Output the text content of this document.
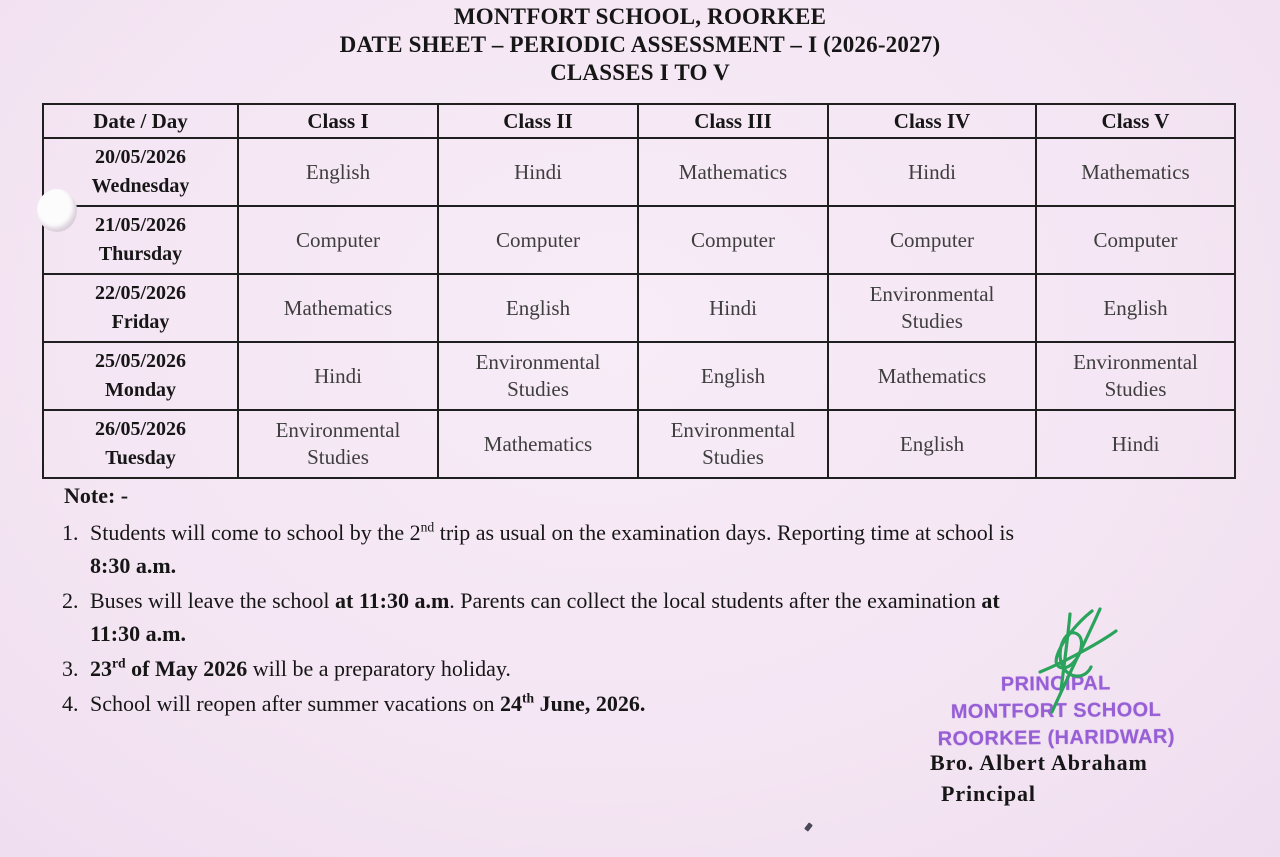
MONTFORT SCHOOL, ROORKEE
DATE SHEET – PERIODIC ASSESSMENT – I (2026-2027)
CLASSES I TO V
Date / Day	Class I	Class II	Class III	Class IV	Class V

20/05/2026
Wednesday	English	Hindi	Mathematics	Hindi	Mathematics

21/05/2026
Thursday	Computer	Computer	Computer	Computer	Computer

22/05/2026
Friday	Mathematics	English	Hindi	Environmental Studies	English

25/05/2026
Monday	Hindi	Environmental Studies	English	Mathematics	Environmental Studies

26/05/2026
Tuesday	Environmental Studies	Mathematics	Environmental Studies	English	Hindi
Note: -
1. Students will come to school by the 2nd trip as usual on the examination days. Reporting time at school is
8:30 a.m.
2. Buses will leave the school at 11:30 a.m. Parents can collect the local students after the examination at
11:30 a.m.
3. 23rd of May 2026 will be a preparatory holiday.
4. School will reopen after summer vacations on 24th June, 2026.
PRINCIPAL
MONTFORT SCHOOL
ROORKEE (HARIDWAR)
Bro. Albert Abraham
Principal
